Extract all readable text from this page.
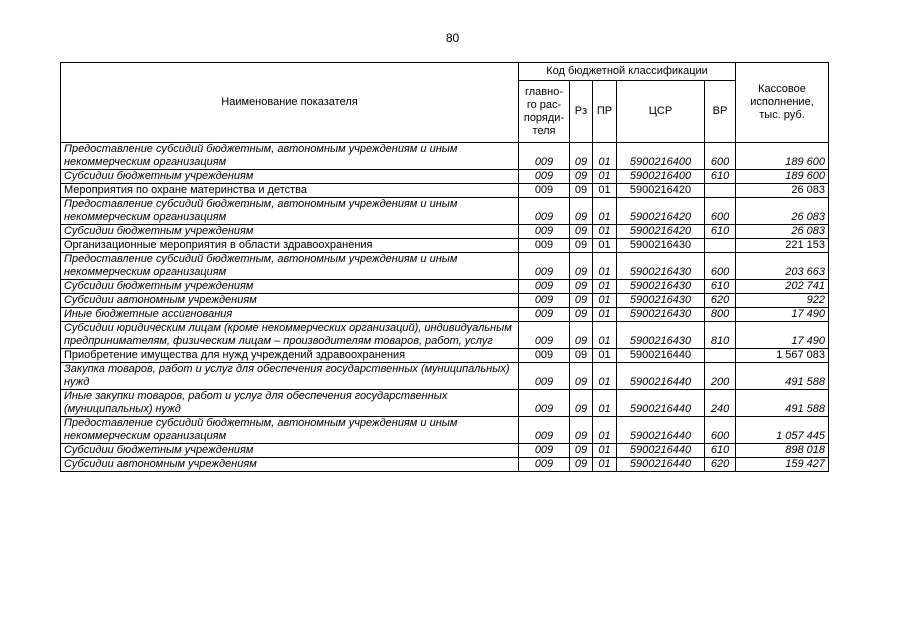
80
Наименование показателя	Код бюджетной классификации					Кассовое исполнение, тыс. руб.
	главно-го рас-поряди-теля	Рз	ПР	ЦСР	ВР	
Предоставление субсидий бюджетным, автономным учреждениям и иным некоммерческим организациям	009	09	01	5900216400	600	189 600
Субсидии бюджетным учреждениям	009	09	01	5900216400	610	189 600
Мероприятия по охране материнства и детства	009	09	01	5900216420		26 083
Предоставление субсидий бюджетным, автономным учреждениям и иным некоммерческим организациям	009	09	01	5900216420	600	26 083
Субсидии бюджетным учреждениям	009	09	01	5900216420	610	26 083
Организационные мероприятия в области здравоохранения	009	09	01	5900216430		221 153
Предоставление субсидий бюджетным, автономным учреждениям и иным некоммерческим организациям	009	09	01	5900216430	600	203 663
Субсидии бюджетным учреждениям	009	09	01	5900216430	610	202 741
Субсидии автономным учреждениям	009	09	01	5900216430	620	922
Иные бюджетные ассигнования	009	09	01	5900216430	800	17 490
Субсидии юридическим лицам (кроме некоммерческих организаций), индивидуальным предпринимателям, физическим лицам – производителям товаров, работ, услуг	009	09	01	5900216430	810	17 490
Приобретение имущества для нужд учреждений здравоохранения	009	09	01	5900216440		1 567 083
Закупка товаров, работ и услуг для обеспечения государственных (муниципальных) нужд	009	09	01	5900216440	200	491 588
Иные закупки товаров, работ и услуг для обеспечения государственных (муниципальных) нужд	009	09	01	5900216440	240	491 588
Предоставление субсидий бюджетным, автономным учреждениям и иным некоммерческим организациям	009	09	01	5900216440	600	1 057 445
Субсидии бюджетным учреждениям	009	09	01	5900216440	610	898 018
Субсидии автономным учреждениям	009	09	01	5900216440	620	159 427
